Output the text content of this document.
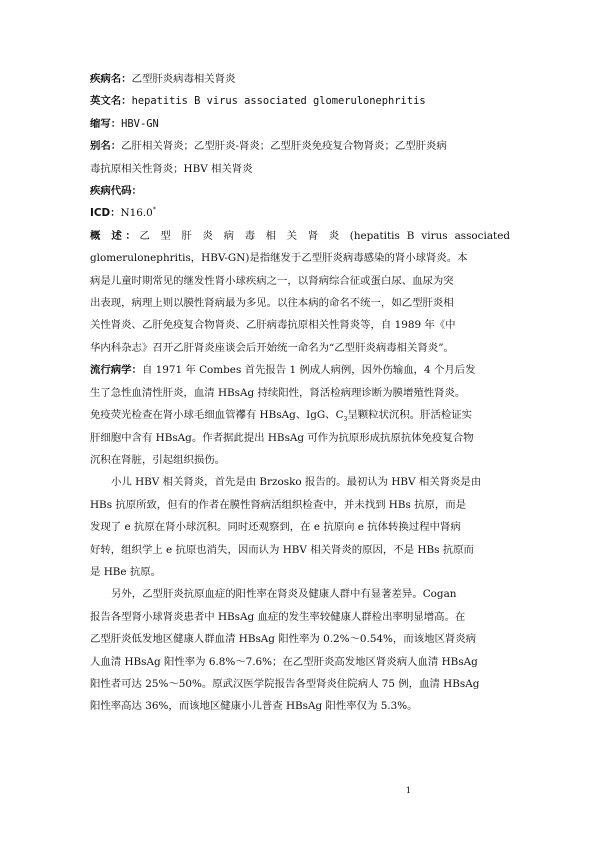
疾病名：乙型肝炎病毒相关肾炎
英文名：hepatitis B virus associated glomerulonephritis
缩写：HBV-GN
别名：乙肝相关肾炎；乙型肝炎-肾炎；乙型肝炎免疫复合物肾炎；乙型肝炎病
毒抗原相关性肾炎；HBV 相关肾炎
疾病代码：
ICD：N16.0*
概 述：乙 型 肝 炎 病 毒 相 关 肾 炎 (hepatitis B virus associated
glomerulonephritis，HBV-GN)是指继发于乙型肝炎病毒感染的肾小球肾炎。本
病是儿童时期常见的继发性肾小球疾病之一，以肾病综合征或蛋白尿、血尿为突
出表现，病理上则以膜性肾病最为多见。以往本病的命名不统一，如乙型肝炎相
关性肾炎、乙肝免疫复合物肾炎、乙肝病毒抗原相关性肾炎等，自 1989 年《中
华内科杂志》召开乙肝肾炎座谈会后开始统一命名为“乙型肝炎病毒相关肾炎”。
流行病学：自 1971 年 Combes 首先报告 1 例成人病例，因外伤输血，4 个月后发
生了急性血清性肝炎，血清 HBsAg 持续阳性，肾活检病理诊断为膜增殖性肾炎。
免疫荧光检查在肾小球毛细血管襻有 HBsAg、IgG、$C_3$呈颗粒状沉积。肝活检证实
肝细胞中含有 HBsAg。作者据此提出 HBsAg 可作为抗原形成抗原抗体免疫复合物
沉积在肾脏，引起组织损伤。
小儿 HBV 相关肾炎，首先是由 Brzosko 报告的。最初认为 HBV 相关肾炎是由
HBs 抗原所致，但有的作者在膜性肾病活组织检查中，并未找到 HBs 抗原，而是
发现了 e 抗原在肾小球沉积。同时还观察到，在 e 抗原向 e 抗体转换过程中肾病
好转，组织学上 e 抗原也消失，因而认为 HBV 相关肾炎的原因，不是 HBs 抗原而
是 HBe 抗原。
另外，乙型肝炎抗原血症的阳性率在肾炎及健康人群中有显著差异。Cogan
报告各型肾小球肾炎患者中 HBsAg 血症的发生率较健康人群检出率明显增高。在
乙型肝炎低发地区健康人群血清 HBsAg 阳性率为 0.2%～0.54%，而该地区肾炎病
人血清 HBsAg 阳性率为 6.8%～7.6%；在乙型肝炎高发地区肾炎病人血清 HBsAg
阳性者可达 25%～50%。原武汉医学院报告各型肾炎住院病人 75 例，血清 HBsAg
阳性率高达 36%，而该地区健康小儿普查 HBsAg 阳性率仅为 5.3%。
1
